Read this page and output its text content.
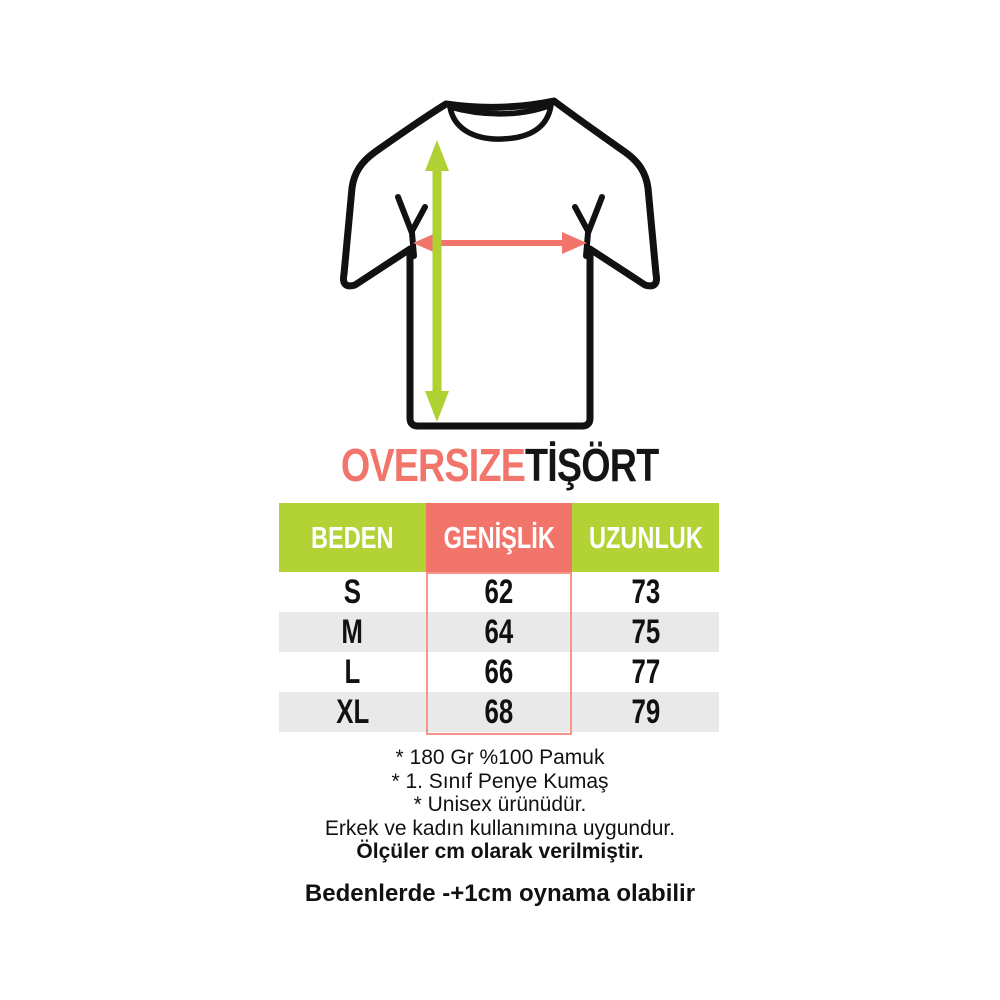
OVERSIZETİŞÖRT
BEDEN GENİŞLİK UZUNLUK
S	62	73
M	64	75
L	66	77
XL	68	79
* 180 Gr %100 Pamuk
* 1. Sınıf Penye Kumaş
* Unisex ürünüdür.
Erkek ve kadın kullanımına uygundur.
Ölçüler cm olarak verilmiştir.
Bedenlerde -+1cm oynama olabilir
